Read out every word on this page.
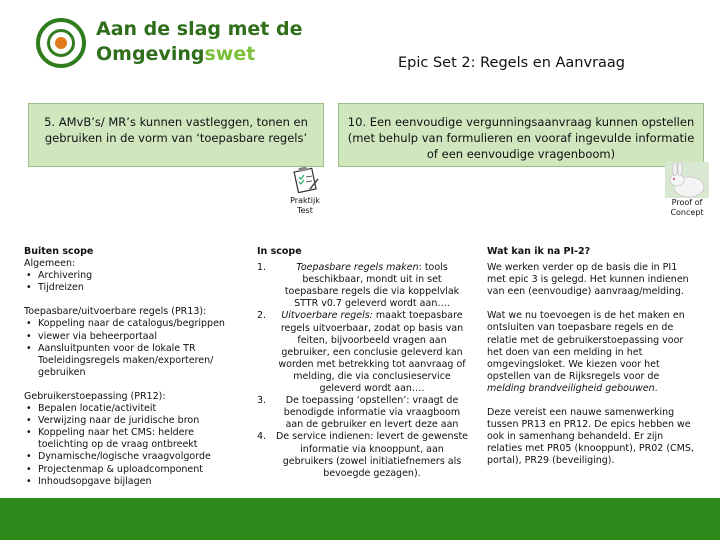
Aan de slag met de
Omgevingswet	Epic Set 2: Regels en Aanvraag
5. AMvB’s/ MR’s kunnen vastleggen, tonen en gebruiken in de vorm van ‘toepasbare regels’
10. Een eenvoudige vergunningsaanvraag kunnen opstellen (met behulp van formulieren en vooraf ingevulde informatie of een eenvoudige vragenboom)
Praktijk Test
Proof of Concept
Buiten scope
Algemeen:
• Archivering
• Tijdreizen
Toepasbare/uitvoerbare regels (PR13):
• Koppeling naar de catalogus/begrippen
• viewer via beheerportaal
• Aansluitpunten voor de lokale TR Toeleidingsregels maken/exporteren/ gebruiken
Gebruikerstoepassing (PR12):
• Bepalen locatie/activiteit
• Verwijzing naar de juridische bron
• Koppeling naar het CMS: heldere toelichting op de vraag ontbreekt
• Dynamische/logische vraagvolgorde
• Projectenmap & uploadcomponent
• Inhoudsopgave bijlagen
In scope
1.	Toepasbare regels maken: tools beschikbaar, mondt uit in set toepasbare regels die via koppelvlak STTR v0.7 geleverd wordt aan….
2. Uitvoerbare regels: maakt toepasbare regels uitvoerbaar, zodat op basis van feiten, bijvoorbeeld vragen aan gebruiker, een conclusie geleverd kan worden met betrekking tot aanvraag of melding, die via conclusieservice geleverd wordt aan….
3. De toepassing ‘opstellen’: vraagt de benodigde informatie via vraagboom aan de gebruiker en levert deze aan
4. De service indienen: levert de gewenste informatie via knooppunt, aan gebruikers (zowel initiatiefnemers als bevoegde gezagen).
Wat kan ik na PI-2?

We werken verder op de basis die in PI1 met epic 3 is gelegd. Het kunnen indienen van een (eenvoudige) aanvraag/melding.

Wat we nu toevoegen is de het maken en ontsluiten van toepasbare regels en de relatie met de gebruikerstoepassing voor het doen van een melding in het omgevingsloket. We kiezen voor het opstellen van de Rijksregels voor de melding brandveiligheid gebouwen.

Deze vereist een nauwe samenwerking tussen PR13 en PR12. De epics hebben we ook in samenhang behandeld. Er zijn relaties met PR05 (knooppunt), PR02 (CMS, portal), PR29 (beveiliging).
